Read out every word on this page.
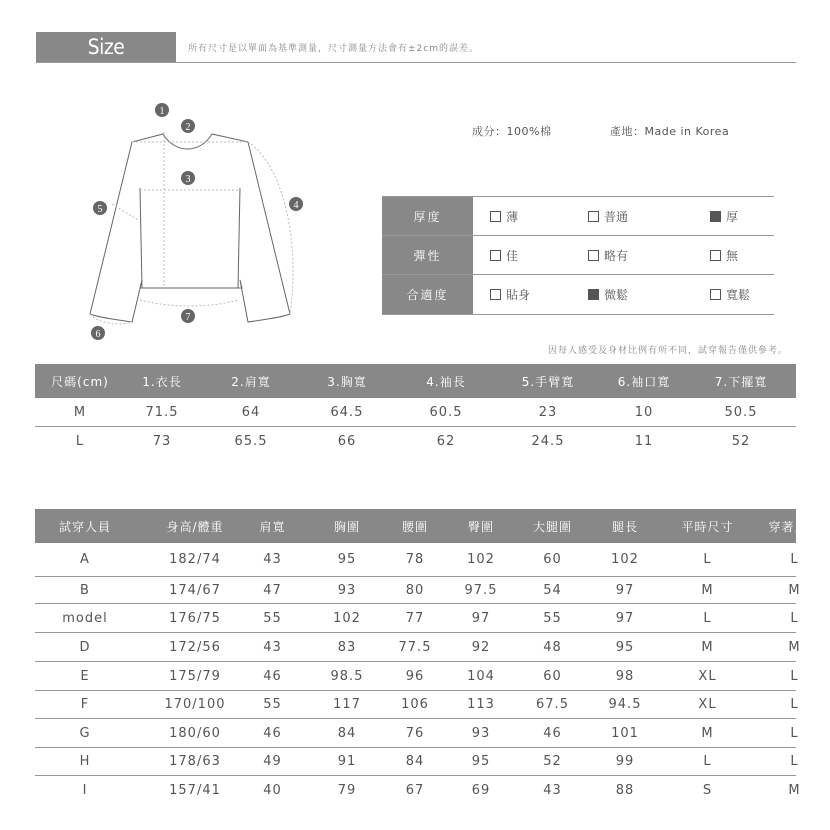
Size Information
所有尺寸是以單面為基準測量，尺寸測量方法會有±2cm的誤差。
1
2
3
4
5
6
7
成分：100%棉	產地：Made in Korea
厚度	薄	普通	厚
彈性	佳	略有	無
合適度	貼身	微鬆	寬鬆
因每人感受及身材比例有所不同，試穿報告僅供參考。
尺碼(cm)	1.衣長	2.肩寬	3.胸寬	4.袖長	5.手臂寬	6.袖口寬	7.下擺寬
M	71.5	64	64.5	60.5	23	10	50.5
L	73	65.5	66	62	24.5	11	52
試穿人員	身高/體重	肩寬	胸圍	腰圍	臀圍	大腿圍	腿長	平時尺寸	穿著尺寸
A	182/74	43	95	78	102	60	102	L	L
B	174/67	47	93	80	97.5	54	97	M	M
model	176/75	55	102	77	97	55	97	L	L
D	172/56	43	83	77.5	92	48	95	M	M
E	175/79	46	98.5	96	104	60	98	XL	L
F	170/100	55	117	106	113	67.5	94.5	XL	L
G	180/60	46	84	76	93	46	101	M	L
H	178/63	49	91	84	95	52	99	L	L
I	157/41	40	79	67	69	43	88	S	M
